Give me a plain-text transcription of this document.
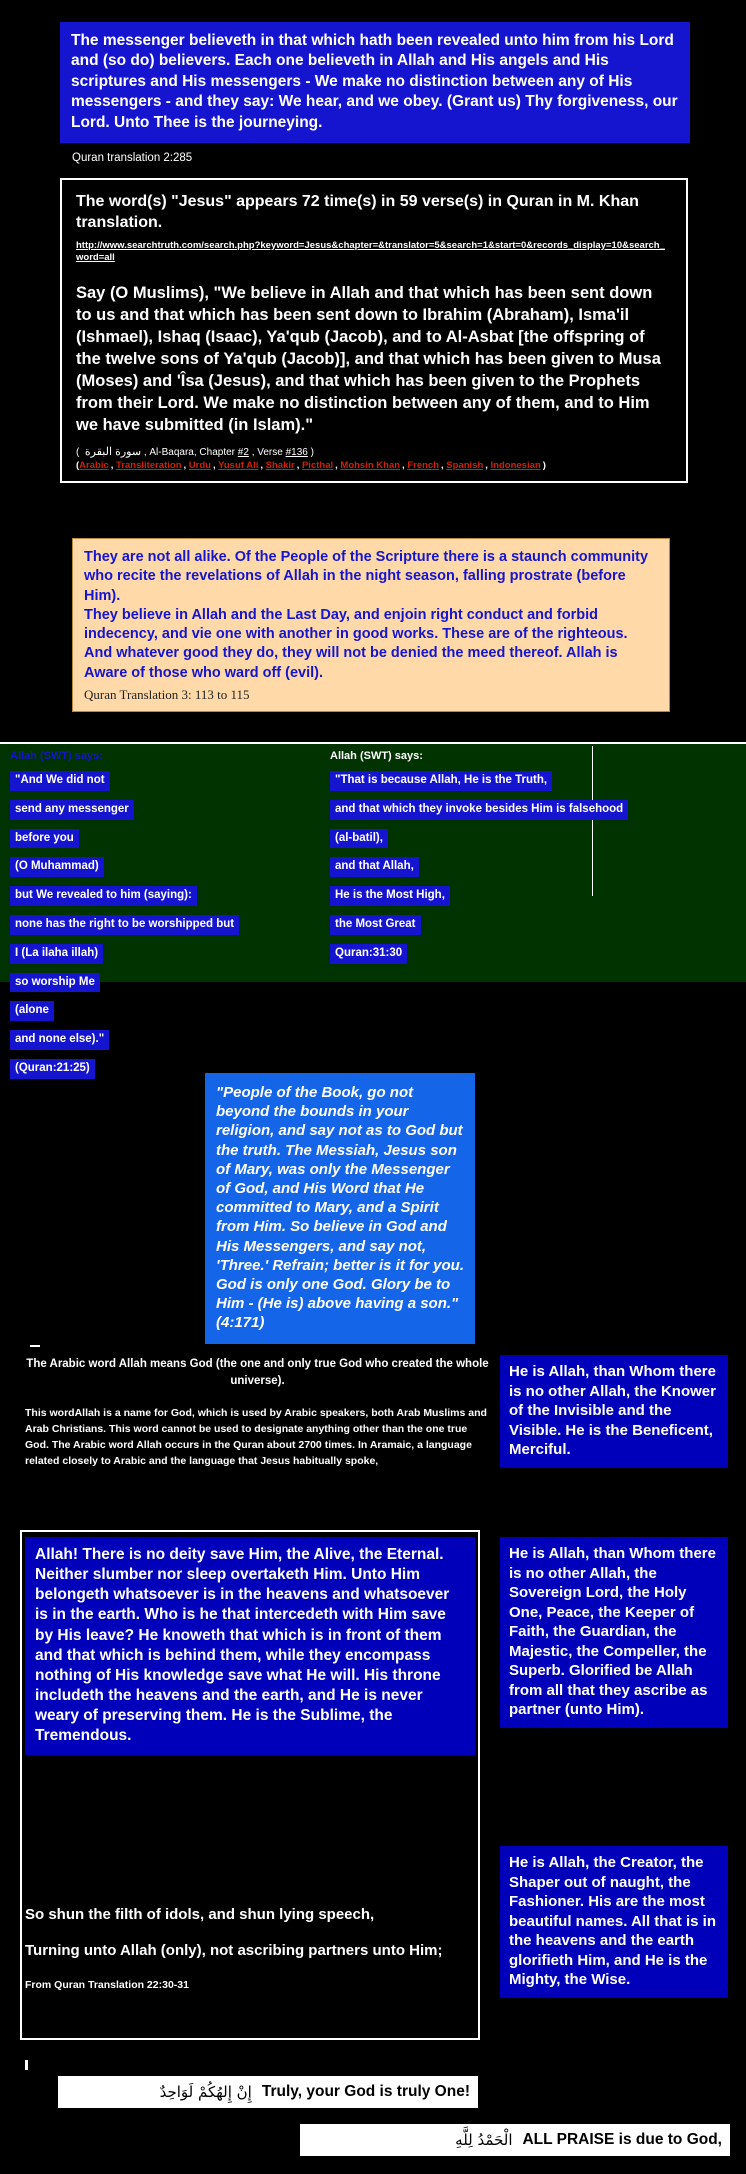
The messenger believeth in that which hath been revealed unto him from his Lord and (so do) believers. Each one believeth in Allah and His angels and His scriptures and His messengers - We make no distinction between any of His messengers - and they say: We hear, and we obey. (Grant us) Thy forgiveness, our Lord. Unto Thee is the journeying.
Quran translation 2:285
The word(s) "Jesus" appears 72 time(s) in 59 verse(s) in Quran in M. Khan translation.
http://www.searchtruth.com/search.php?keyword=Jesus&chapter=&translator=5&search=1&start=0&records_display=10&search_word=all

Say (O Muslims), "We believe in Allah and that which has been sent down to us and that which has been sent down to Ibrahim (Abraham), Isma'il (Ishmael), Ishaq (Isaac), Ya'qub (Jacob), and to Al-Asbat [the offspring of the twelve sons of Ya'qub (Jacob)], and that which has been given to Musa (Moses) and 'Îsa (Jesus), and that which has been given to the Prophets from their Lord. We make no distinction between any of them, and to Him we have submitted (in Islam)."

(  سورة البقرة , Al-Baqara, Chapter #2 , Verse #136 )
(Arabic , Transliteration , Urdu , Yusuf Ali , Shakir , Picthal , Mohsin Khan , French , Spanish , Indonesian )

They are not all alike. Of the People of the Scripture there is a staunch community who recite the revelations of Allah in the night season, falling prostrate (before Him).

They believe in Allah and the Last Day, and enjoin right conduct and forbid indecency, and vie one with another in good works. These are of the righteous.

And whatever good they do, they will not be denied the meed thereof. Allah is Aware of those who ward off (evil).

Quran Translation 3: 113 to 115

Allah (SWT) says:
"And We did not
send any messenger
before you
(O Muhammad)
but We revealed to him (saying):
none has the right to be worshipped but
I (La ilaha illah)
so worship Me
(alone
and none else)."
(Quran:21:25)
Allah (SWT) says:
"That is because Allah, He is the Truth,
and that which they invoke besides Him is falsehood
(al-batil),
and that Allah,
He is the Most High,
the Most Great
Quran:31:30
"People of the Book, go not beyond the bounds in your religion, and say not as to God but the truth. The Messiah, Jesus son of Mary, was only the Messenger of God, and His Word that He committed to Mary, and a Spirit from Him. So believe in God and His Messengers, and say not, 'Three.' Refrain; better is it for you. God is only one God. Glory be to Him - (He is) above having a son." (4:171)

The Arabic word Allah means God (the one and only true God who created the whole universe).

This wordAllah is a name for God, which is used by Arabic speakers, both Arab Muslims and Arab Christians. This word cannot be used to designate anything other than the one true God. The Arabic word Allah occurs in the Quran about 2700 times. In Aramaic, a language related closely to Arabic and the language that Jesus habitually spoke,

He is Allah, than Whom there is no other Allah, the Knower of the Invisible and the Visible. He is the Beneficent, Merciful.
He is Allah, than Whom there is no other Allah, the Sovereign Lord, the Holy One, Peace, the Keeper of Faith, the Guardian, the Majestic, the Compeller, the Superb. Glorified be Allah from all that they ascribe as partner (unto Him).
He is Allah, the Creator, the Shaper out of naught, the Fashioner. His are the most beautiful names. All that is in the heavens and the earth glorifieth Him, and He is the Mighty, the Wise.
Allah! There is no deity save Him, the Alive, the Eternal. Neither slumber nor sleep overtaketh Him. Unto Him belongeth whatsoever is in the heavens and whatsoever is in the earth. Who is he that intercedeth with Him save by His leave? He knoweth that which is in front of them and that which is behind them, while they encompass nothing of His knowledge save what He will. His throne includeth the heavens and the earth, and He is never weary of preserving them. He is the Sublime, the Tremendous.

So shun the filth of idols, and shun lying speech,

Turning unto Allah (only), not ascribing partners unto Him;

From Quran Translation 22:30-31

إِنْ إِلهُكُمْ لَوَاحِدٌ Truly, your God is truly One!
الْحَمْدُ لِلَّهِ ALL PRAISE is due to God,
